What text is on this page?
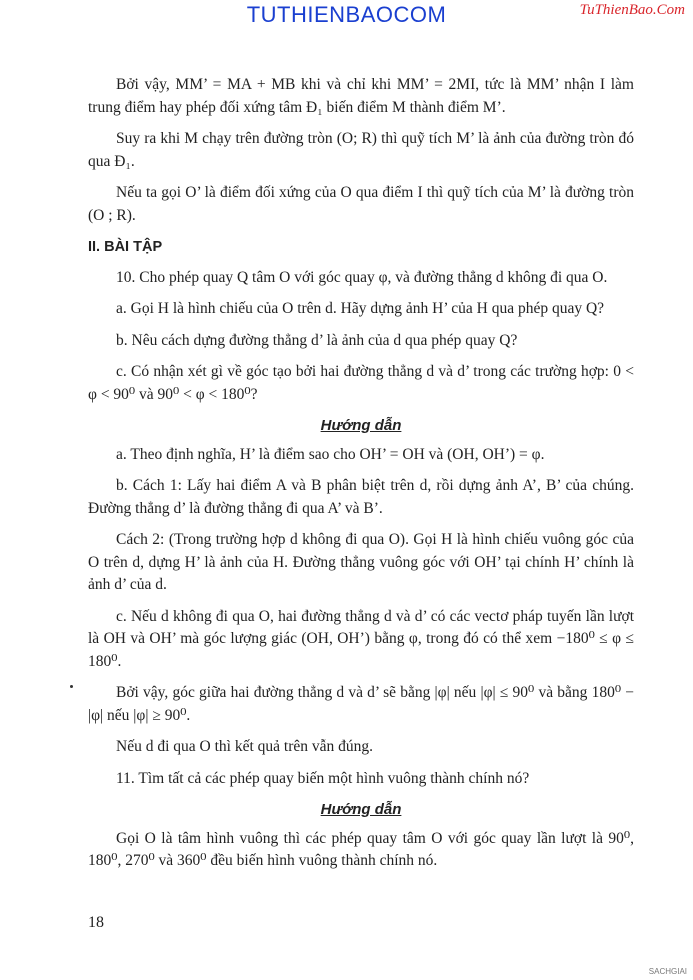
TUTHIENBAOCOM	TuThienBao.Com

Bởi vậy, MM’ = MA + MB khi và chỉ khi MM’ = 2MI, tức là MM’ nhận I làm trung điểm hay phép đối xứng tâm Đ₁ biến điểm M thành điểm M’.

Suy ra khi M chạy trên đường tròn (O; R) thì quỹ tích M’ là ảnh của đường tròn đó qua Đ₁.

Nếu ta gọi O’ là điểm đối xứng của O qua điểm I thì quỹ tích của M’ là đường tròn (O ; R).

II. BÀI TẬP

10. Cho phép quay Q tâm O với góc quay φ, và đường thẳng d không đi qua O.

a. Gọi H là hình chiếu của O trên d. Hãy dựng ảnh H’ của H qua phép quay Q?

b. Nêu cách dựng đường thẳng d’ là ảnh của d qua phép quay Q?

c. Có nhận xét gì về góc tạo bởi hai đường thẳng d và d’ trong các trường hợp: 0 < φ < 90⁰ và 90⁰ < φ < 180⁰?

Hướng dẫn

a. Theo định nghĩa, H’ là điểm sao cho OH’ = OH và (OH, OH’) = φ.

b. Cách 1: Lấy hai điểm A và B phân biệt trên d, rồi dựng ảnh A’, B’ của chúng. Đường thẳng d’ là đường thẳng đi qua A’ và B’.

Cách 2: (Trong trường hợp d không đi qua O). Gọi H là hình chiếu vuông góc của O trên d, dựng H’ là ảnh của H. Đường thẳng vuông góc với OH’ tại chính H’ chính là ảnh d’ của d.

c. Nếu d không đi qua O, hai đường thẳng d và d’ có các vectơ pháp tuyến lần lượt là OH và OH’ mà góc lượng giác (OH, OH’) bằng φ, trong đó có thể xem −180⁰ ≤ φ ≤ 180⁰.

Bởi vậy, góc giữa hai đường thẳng d và d’ sẽ bằng |φ| nếu |φ| ≤ 90⁰ và bằng 180⁰ − |φ| nếu |φ| ≥ 90⁰.

Nếu d đi qua O thì kết quả trên vẫn đúng.

11. Tìm tất cả các phép quay biến một hình vuông thành chính nó?

Hướng dẫn

Gọi O là tâm hình vuông thì các phép quay tâm O với góc quay lần lượt là 90⁰, 180⁰, 270⁰ và 360⁰ đều biến hình vuông thành chính nó.

18
SACHGIAI
